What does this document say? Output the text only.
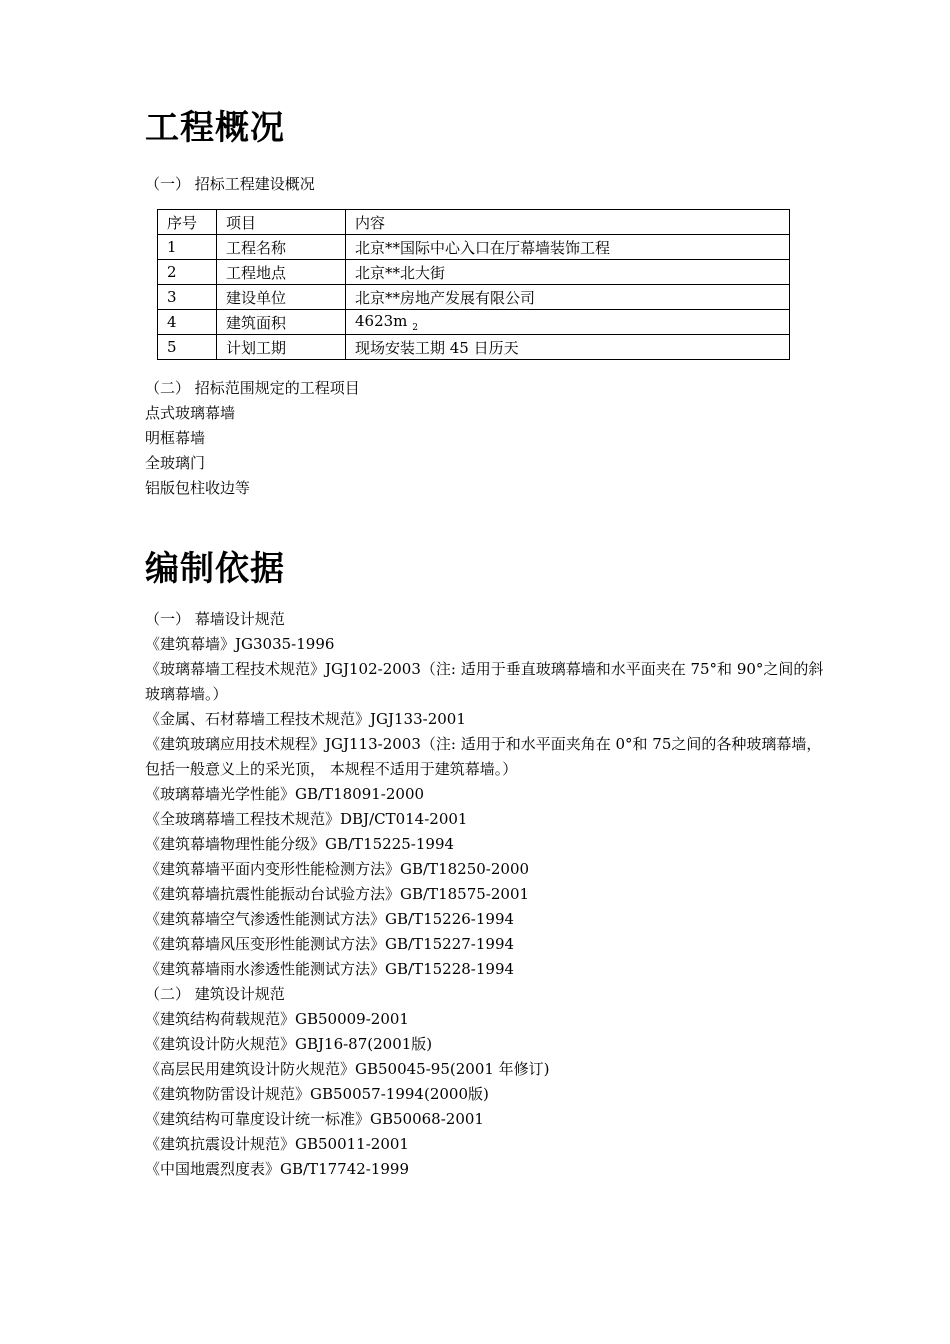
工程概况
（一） 招标工程建设概况
序号	项目	内容
1	工程名称	北京**国际中心入口在厅幕墙装饰工程
2	工程地点	北京**北大街
3	建设单位	北京**房地产发展有限公司
4	建筑面积	4623m $_2$
5	计划工期	现场安装工期 45 日历天
（二） 招标范围规定的工程项目
点式玻璃幕墙
明框幕墙
全玻璃门
铝版包柱收边等
编制依据
（一） 幕墙设计规范
《建筑幕墙》JG3035-1996
《玻璃幕墙工程技术规范》JGJ102-2003（注: 适用于垂直玻璃幕墙和水平面夹在 75°和 90°之间的斜玻璃幕墙。）
《金属、石材幕墙工程技术规范》JGJ133-2001
《建筑玻璃应用技术规程》JGJ113-2003（注: 适用于和水平面夹角在 0°和 75之间的各种玻璃幕墙， 包括一般意义上的采光顶， 本规程不适用于建筑幕墙。）
《玻璃幕墙光学性能》GB/T18091-2000
《全玻璃幕墙工程技术规范》DBJ/CT014-2001
《建筑幕墙物理性能分级》GB/T15225-1994
《建筑幕墙平面内变形性能检测方法》GB/T18250-2000
《建筑幕墙抗震性能振动台试验方法》GB/T18575-2001
《建筑幕墙空气渗透性能测试方法》GB/T15226-1994
《建筑幕墙风压变形性能测试方法》GB/T15227-1994
《建筑幕墙雨水渗透性能测试方法》GB/T15228-1994
（二） 建筑设计规范
《建筑结构荷载规范》GB50009-2001
《建筑设计防火规范》GBJ16-87(2001版)
《高层民用建筑设计防火规范》GB50045-95(2001 年修订)
《建筑物防雷设计规范》GB50057-1994(2000版)
《建筑结构可靠度设计统一标准》GB50068-2001
《建筑抗震设计规范》GB50011-2001
《中国地震烈度表》GB/T17742-1999
